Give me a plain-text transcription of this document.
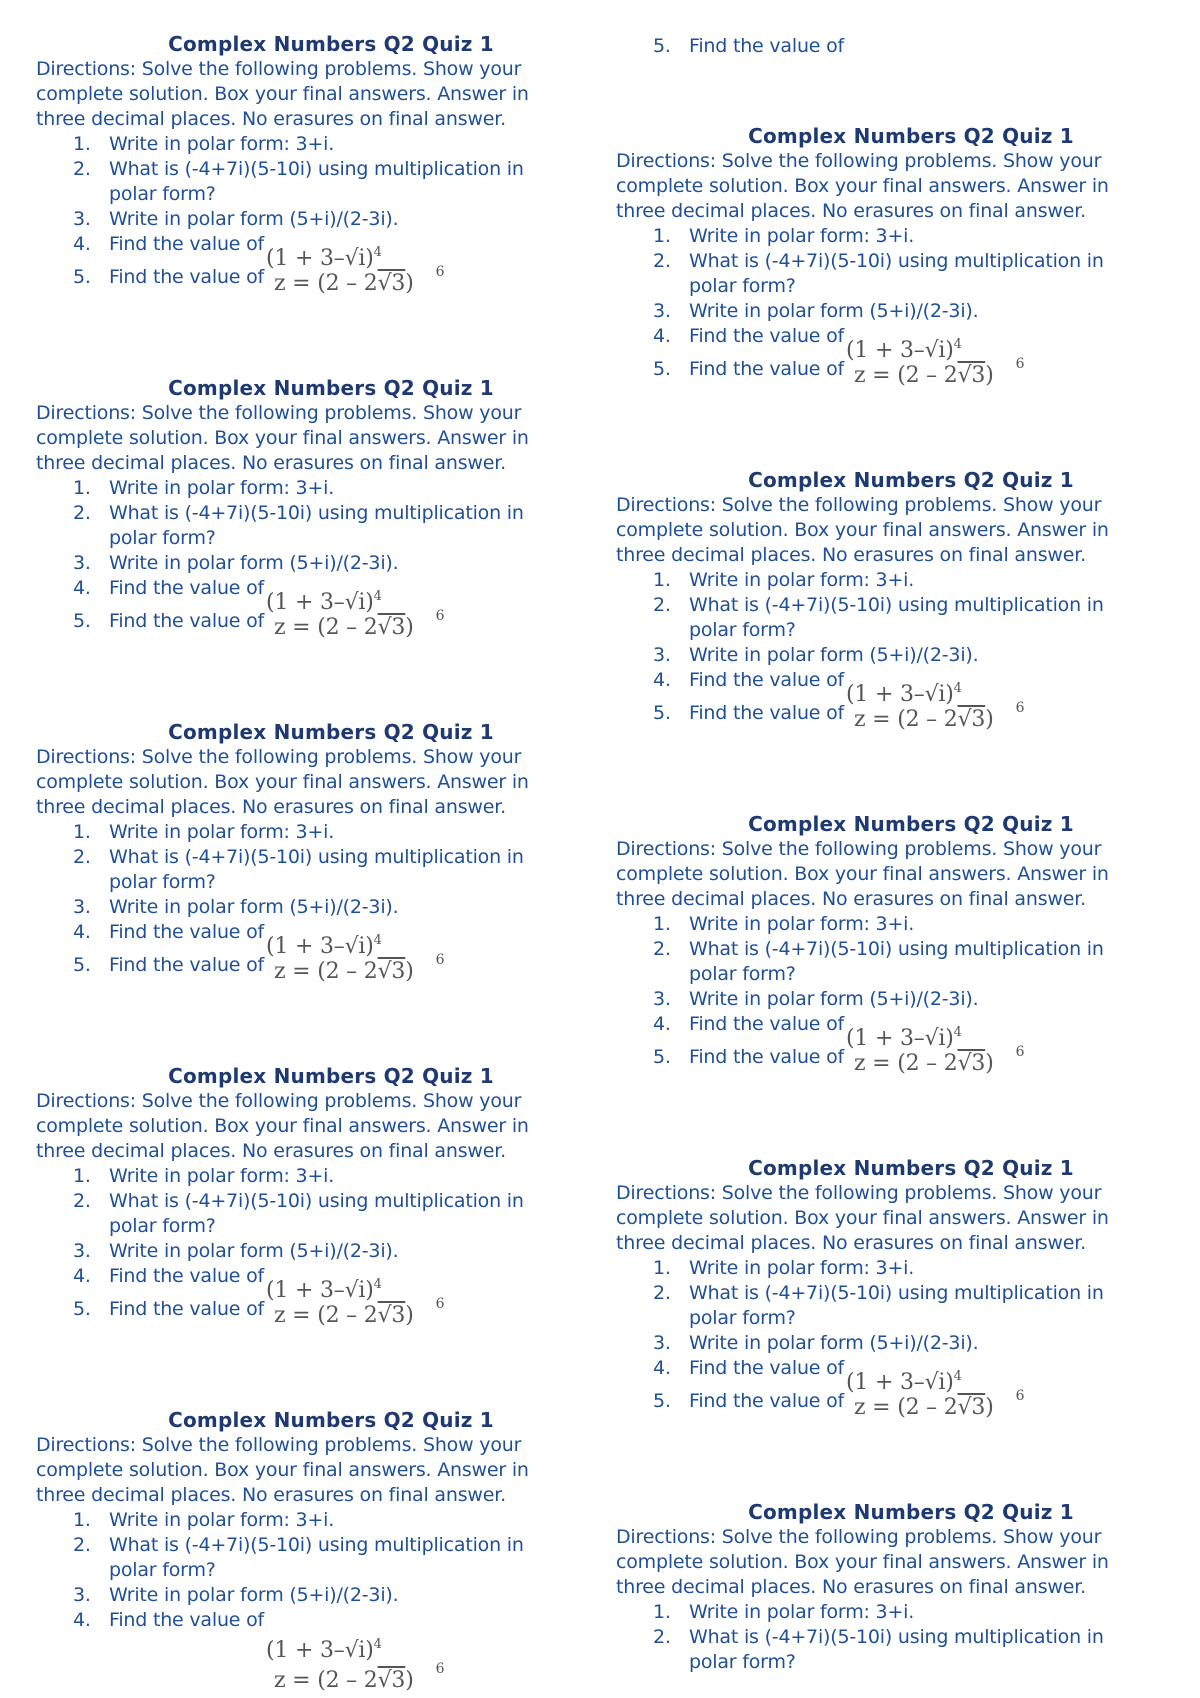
Complex Numbers Q2 Quiz 1
Directions: Solve the following problems. Show your complete solution. Box your final answers. Answer in three decimal places. No erasures on final answer.
1. Write in polar form: 3+i.
2. What is (-4+7i)(5-10i) using multiplication in polar form?
3. Write in polar form (5+i)/(2-3i).
4. Find the value of
$(1 + 3-√i)^4$
5. Find the value of z = (2 – 2√3) $^6$
Complex Numbers Q2 Quiz 1
Directions: Solve the following problems. Show your complete solution. Box your final answers. Answer in three decimal places. No erasures on final answer.
1. Write in polar form: 3+i.
2. What is (-4+7i)(5-10i) using multiplication in polar form?
3. Write in polar form (5+i)/(2-3i).
4. Find the value of
$(1 + 3-√i)^4$
5. Find the value of z = (2 – 2√3) $^6$
Complex Numbers Q2 Quiz 1
Directions: Solve the following problems. Show your complete solution. Box your final answers. Answer in three decimal places. No erasures on final answer.
1. Write in polar form: 3+i.
2. What is (-4+7i)(5-10i) using multiplication in polar form?
3. Write in polar form (5+i)/(2-3i).
4. Find the value of
$(1 + 3-√i)^4$
5. Find the value of z = (2 – 2√3) $^6$
Complex Numbers Q2 Quiz 1
Directions: Solve the following problems. Show your complete solution. Box your final answers. Answer in three decimal places. No erasures on final answer.
1. Write in polar form: 3+i.
2. What is (-4+7i)(5-10i) using multiplication in polar form?
3. Write in polar form (5+i)/(2-3i).
4. Find the value of
$(1 + 3-√i)^4$
5. Find the value of z = (2 – 2√3) $^6$
Complex Numbers Q2 Quiz 1
Directions: Solve the following problems. Show your complete solution. Box your final answers. Answer in three decimal places. No erasures on final answer.
1. Write in polar form: 3+i.
2. What is (-4+7i)(5-10i) using multiplication in polar form?
3. Write in polar form (5+i)/(2-3i).
4. Find the value of
$(1 + 3-√i)^4$
z = (2 – 2√3) $^6$
5. Find the value of
Complex Numbers Q2 Quiz 1
Directions: Solve the following problems. Show your complete solution. Box your final answers. Answer in three decimal places. No erasures on final answer.
1. Write in polar form: 3+i.
2. What is (-4+7i)(5-10i) using multiplication in polar form?
3. Write in polar form (5+i)/(2-3i).
4. Find the value of
$(1 + 3-√i)^4$
5. Find the value of z = (2 – 2√3) $^6$
Complex Numbers Q2 Quiz 1
Directions: Solve the following problems. Show your complete solution. Box your final answers. Answer in three decimal places. No erasures on final answer.
1. Write in polar form: 3+i.
2. What is (-4+7i)(5-10i) using multiplication in polar form?
3. Write in polar form (5+i)/(2-3i).
4. Find the value of
$(1 + 3-√i)^4$
5. Find the value of z = (2 – 2√3) $^6$
Complex Numbers Q2 Quiz 1
Directions: Solve the following problems. Show your complete solution. Box your final answers. Answer in three decimal places. No erasures on final answer.
1. Write in polar form: 3+i.
2. What is (-4+7i)(5-10i) using multiplication in polar form?
3. Write in polar form (5+i)/(2-3i).
4. Find the value of
$(1 + 3-√i)^4$
5. Find the value of z = (2 – 2√3) $^6$
Complex Numbers Q2 Quiz 1
Directions: Solve the following problems. Show your complete solution. Box your final answers. Answer in three decimal places. No erasures on final answer.
1. Write in polar form: 3+i.
2. What is (-4+7i)(5-10i) using multiplication in polar form?
3. Write in polar form (5+i)/(2-3i).
4. Find the value of
$(1 + 3-√i)^4$
5. Find the value of z = (2 – 2√3) $^6$
Complex Numbers Q2 Quiz 1
Directions: Solve the following problems. Show your complete solution. Box your final answers. Answer in three decimal places. No erasures on final answer.
1. Write in polar form: 3+i.
2. What is (-4+7i)(5-10i) using multiplication in polar form?
